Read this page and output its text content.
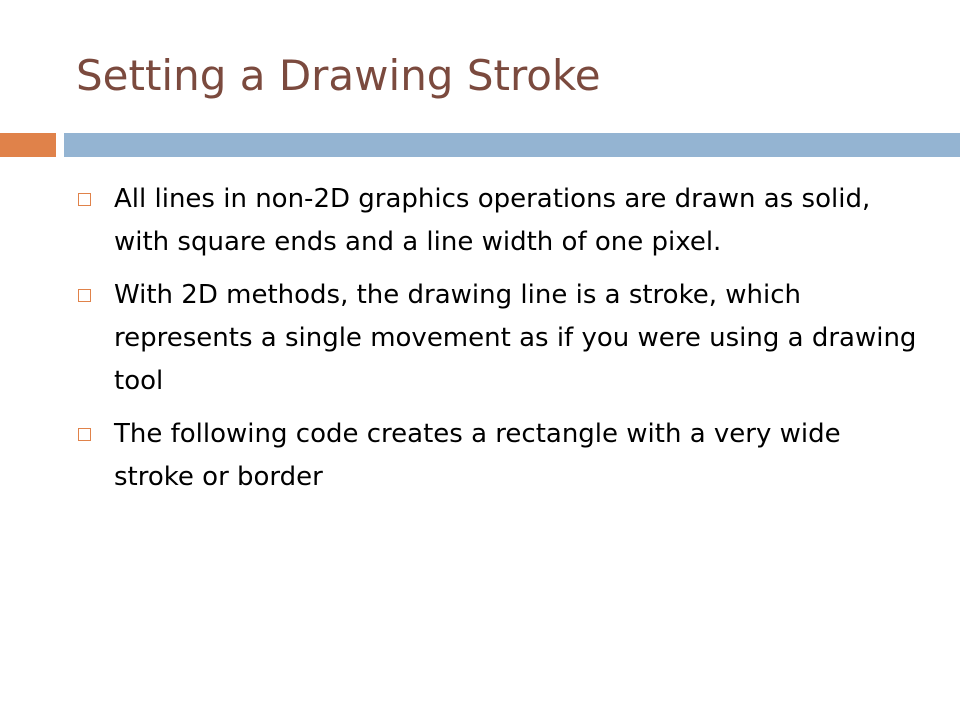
Setting a Drawing Stroke
All lines in non-2D graphics operations are drawn as solid, with square ends and a line width of one pixel.
With 2D methods, the drawing line is a stroke, which represents a single movement as if you were using a drawing tool
The following code creates a rectangle with a very wide stroke or border
